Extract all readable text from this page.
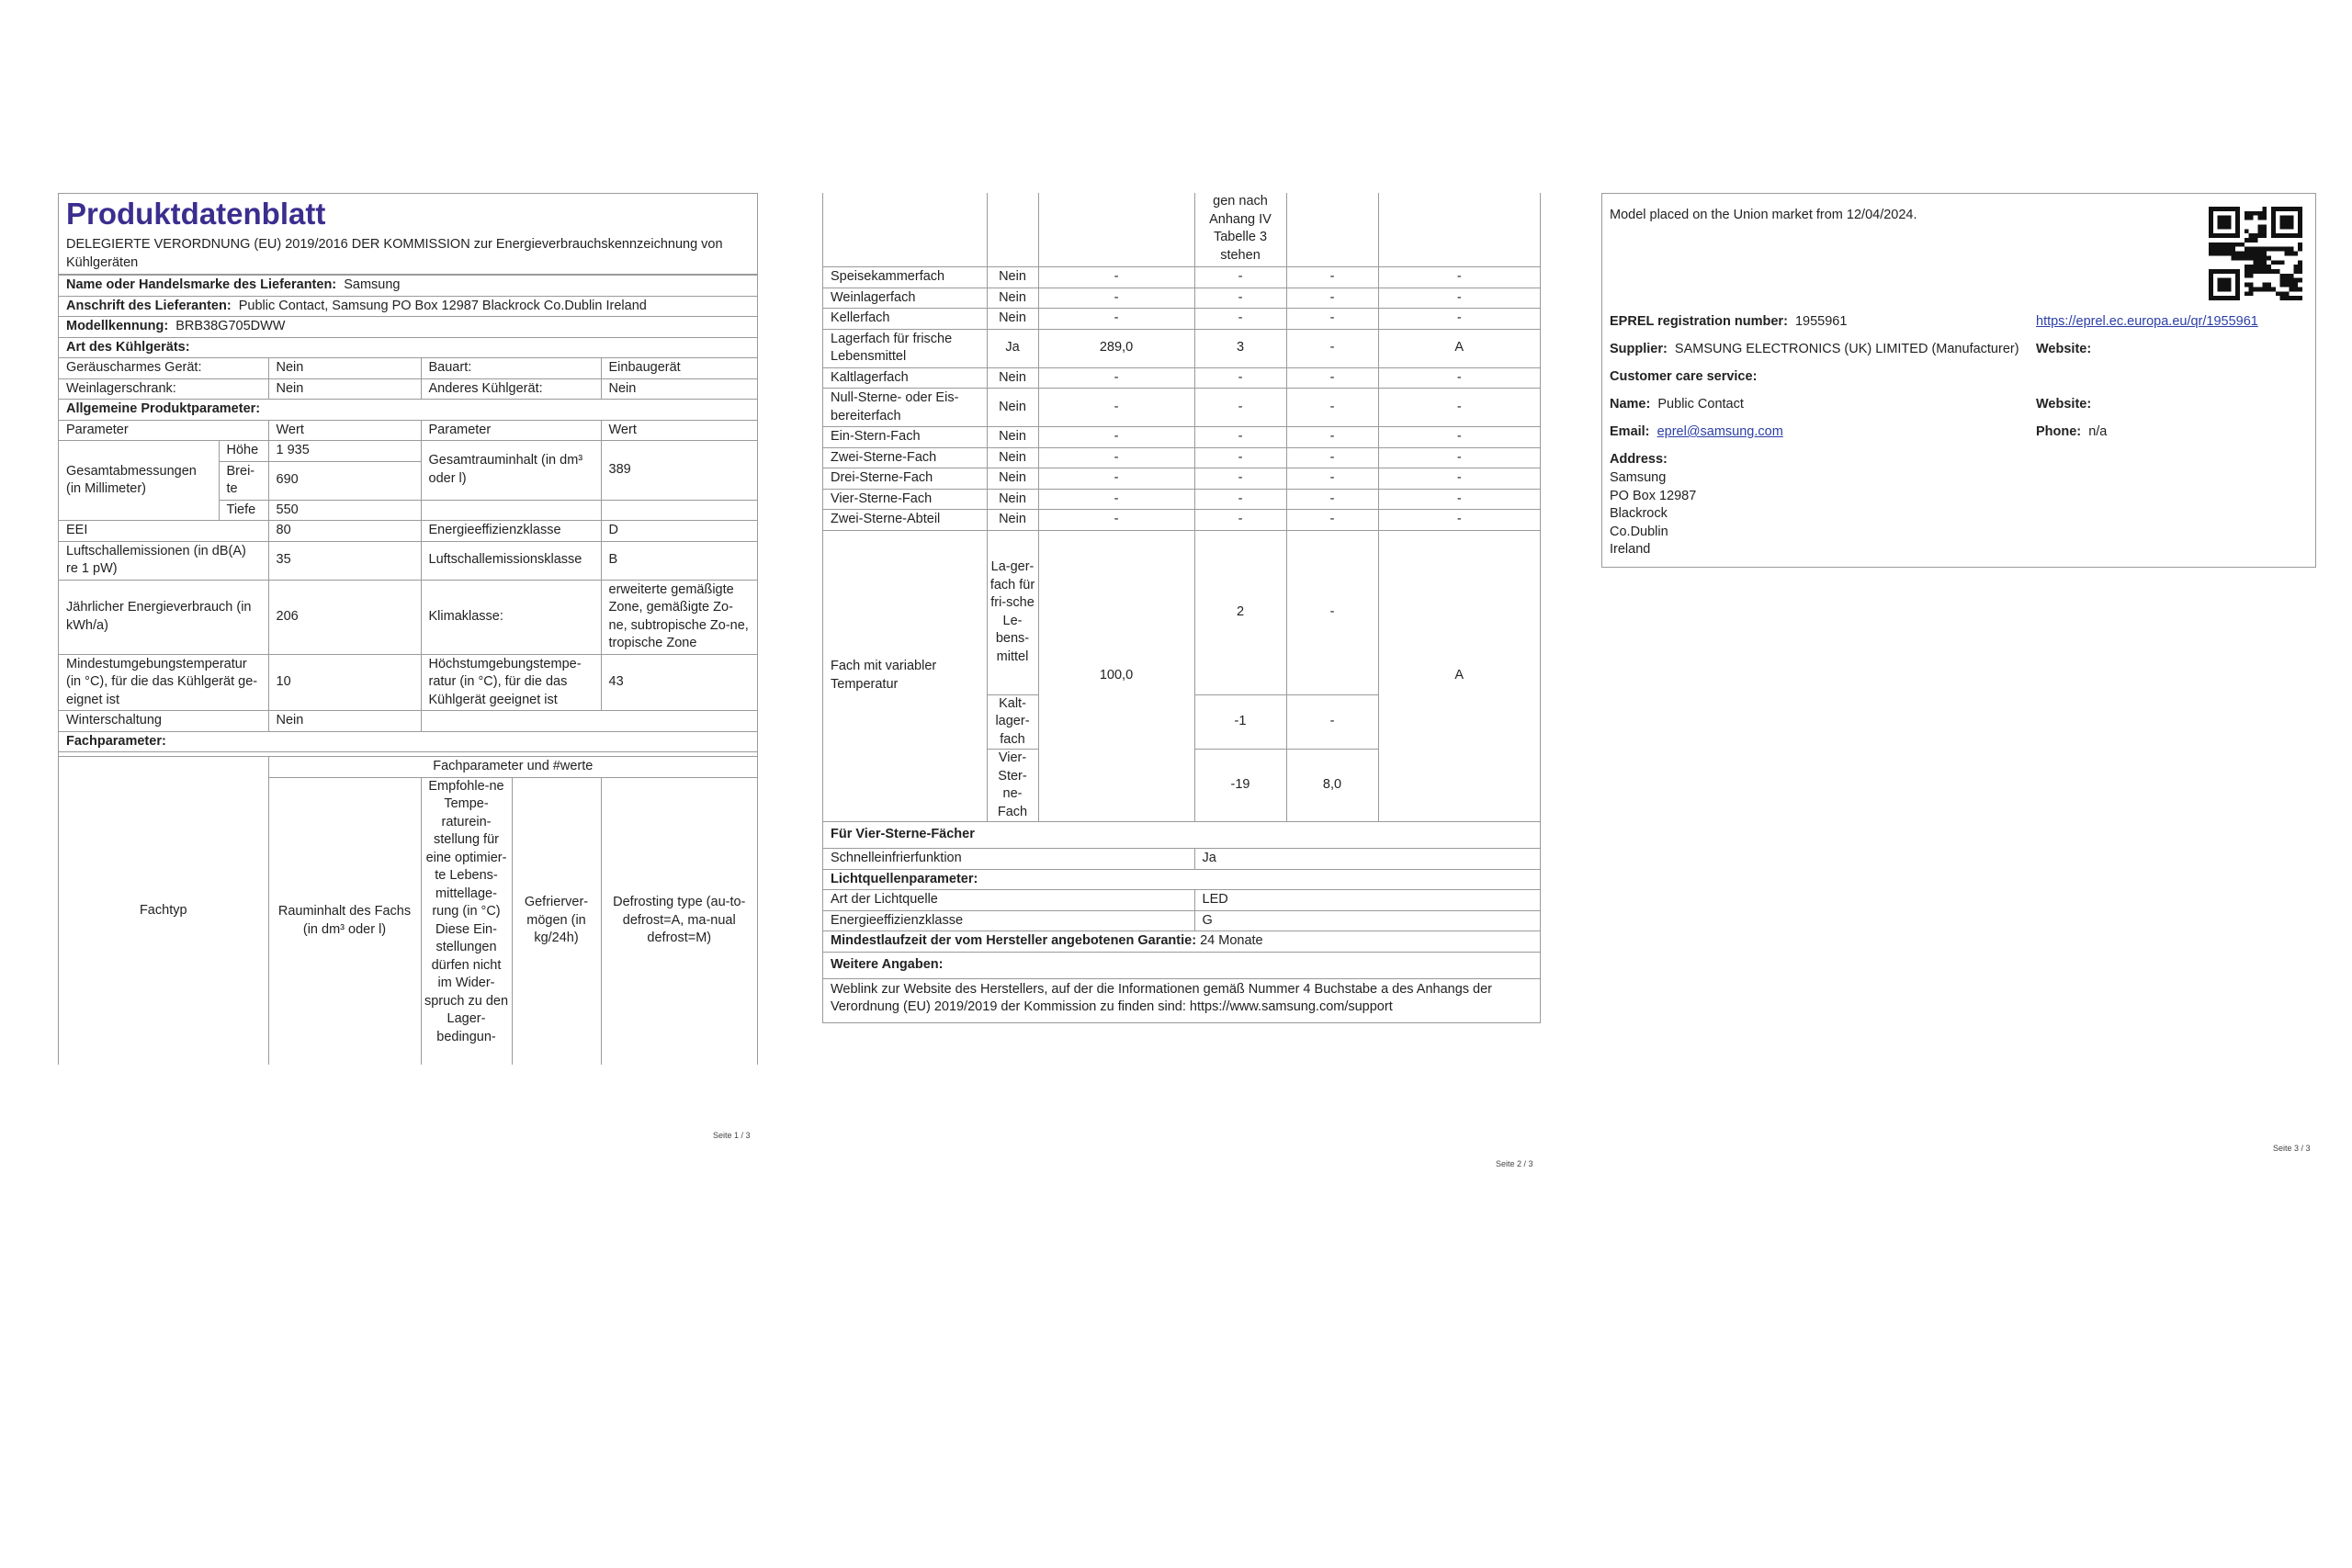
Produktdatenblatt
DELEGIERTE VERORDNUNG (EU) 2019/2016 DER KOMMISSION zur Energieverbrauchskennzeichnung von Kühlgeräten
Name oder Handelsmarke des Lieferanten: Samsung				
Anschrift des Lieferanten: Public Contact, Samsung PO Box 12987 Blackrock Co.Dublin Ireland				
Modellkennung: BRB38G705DWW				
Art des Kühlgeräts:				
Geräuscharmes Gerät:		Nein	Bauart:	Einbaugerät
Weinlagerschrank:		Nein	Anderes Kühlgerät:	Nein
Allgemeine Produktparameter:				
Parameter		Wert	Parameter	Wert
Gesamtabmessungen (in Millimeter)	Höhe	1 935	Gesamtrauminhalt (in dm³ oder l)	389
	Brei-te	690		
	Tiefe	550		
EEI		80	Energieeffizienzklasse	D
Luftschallemissionen (in dB(A) re 1 pW)		35	Luftschallemissionsklasse	B
Jährlicher Energieverbrauch (in kWh/a)		206	Klimaklasse:	erweiterte gemäßigte Zone, gemäßigte Zo-ne, subtropische Zo-ne, tropische Zone
Mindestumgebungstemperatur (in °C), für die das Kühlgerät ge-eignet ist		10	Höchstumgebungstempe-ratur (in °C), für die das Kühlgerät geeignet ist	43
Winterschaltung		Nein		
Fachparameter:				
Fachtyp	Fachparameter und #werte			
	Rauminhalt des Fachs (in dm³ oder l)	Empfohle-ne Tempe-raturein-stellung für eine optimier-te Lebens-mittellage-rung (in °C) Diese Ein-stellungen dürfen nicht im Wider-spruch zu den Lager-bedingun-	Gefrierver-mögen (in kg/24h)	Defrosting type (au-to-defrost=A, ma-nual defrost=M)
Seite 1 / 3
			gen nach Anhang IV Tabelle 3 stehen		
Speisekammerfach	Nein	-	-	-	-
Weinlagerfach	Nein	-	-	-	-
Kellerfach	Nein	-	-	-	-
Lagerfach für frische Lebensmittel	Ja	289,0	3	-	A
Kaltlagerfach	Nein	-	-	-	-
Null-Sterne- oder Eis-bereiterfach	Nein	-	-	-	-
Ein-Stern-Fach	Nein	-	-	-	-
Zwei-Sterne-Fach	Nein	-	-	-	-
Drei-Sterne-Fach	Nein	-	-	-	-
Vier-Sterne-Fach	Nein	-	-	-	-
Zwei-Sterne-Abteil	Nein	-	-	-	-
Fach mit variabler Temperatur	La-ger-fach für fri-sche Le-bens-mittel	100,0	2	-	A
	Kalt-lager-fach		-1	-	
	Vier-Ster-ne-Fach		-19	8,0	
Für Vier-Sterne-Fächer					
Schnelleinfrierfunktion			Ja		
Lichtquellenparameter:					
Art der Lichtquelle			LED		
Energieeffizienzklasse			G		
Mindestlaufzeit der vom Hersteller angebotenen Garantie: 24 Monate					
Weitere Angaben:					
Weblink zur Website des Herstellers, auf der die Informationen gemäß Nummer 4 Buchstabe a des Anhangs der Verordnung (EU) 2019/2019 der Kommission zu finden sind: https://www.samsung.com/support					
Seite 2 / 3
Model placed on the Union market from 12/04/2024.
EPREL registration number: 1955961	https://eprel.ec.europa.eu/qr/1955961
Supplier: SAMSUNG ELECTRONICS (UK) LIMITED (Manufacturer) Website:
Customer care service:
Name: Public Contact	Website:
Email: eprel@samsung.com	Phone: n/a
Address:
Samsung
PO Box 12987
Blackrock
Co.Dublin
Ireland
Seite 3 / 3
